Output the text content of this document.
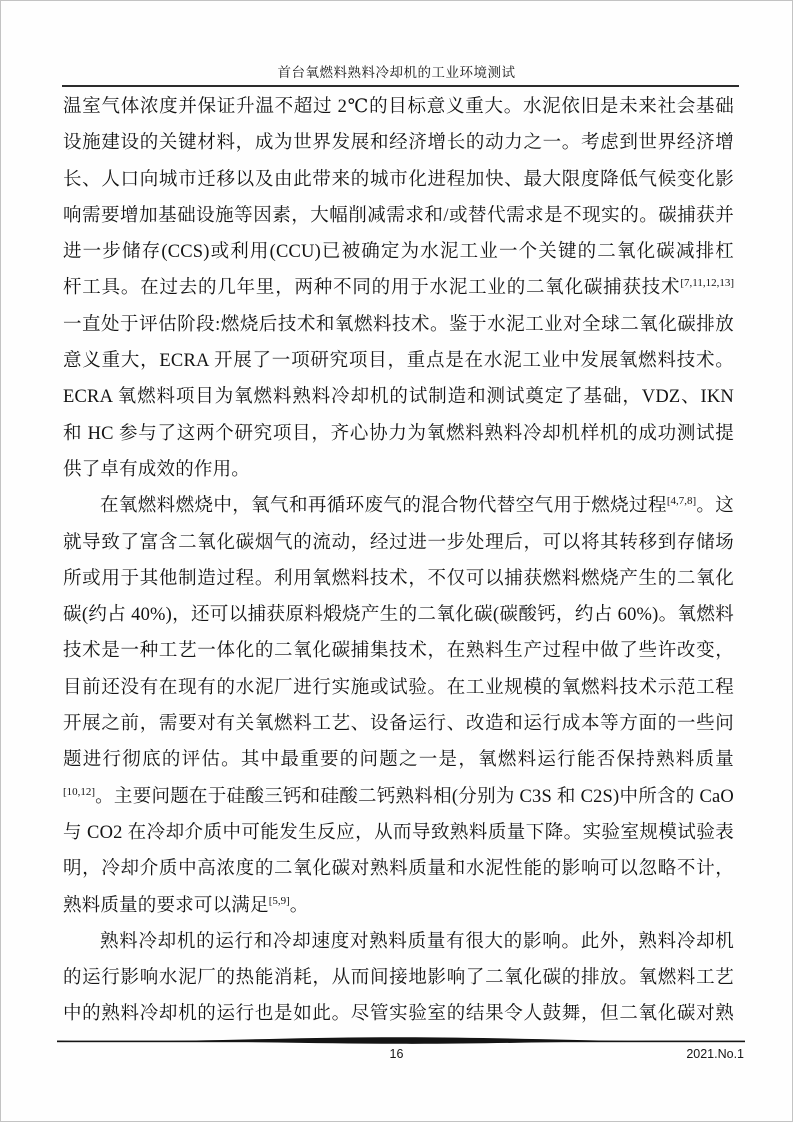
首台氧燃料熟料冷却机的工业环境测试
温室气体浓度并保证升温不超过 2℃的目标意义重大。水泥依旧是未来社会基础
设施建设的关键材料，成为世界发展和经济增长的动力之一。考虑到世界经济增
长、人口向城市迁移以及由此带来的城市化进程加快、最大限度降低气候变化影
响需要增加基础设施等因素，大幅削减需求和/或替代需求是不现实的。碳捕获并
进一步储存(CCS)或利用(CCU)已被确定为水泥工业一个关键的二氧化碳减排杠
杆工具。在过去的几年里，两种不同的用于水泥工业的二氧化碳捕获技术[7,11,12,13]
一直处于评估阶段:燃烧后技术和氧燃料技术。鉴于水泥工业对全球二氧化碳排放
意义重大，ECRA 开展了一项研究项目，重点是在水泥工业中发展氧燃料技术。
ECRA 氧燃料项目为氧燃料熟料冷却机的试制造和测试奠定了基础，VDZ、IKN
和 HC 参与了这两个研究项目，齐心协力为氧燃料熟料冷却机样机的成功测试提
供了卓有成效的作用。
在氧燃料燃烧中，氧气和再循环废气的混合物代替空气用于燃烧过程[4,7,8]。这
就导致了富含二氧化碳烟气的流动，经过进一步处理后，可以将其转移到存储场
所或用于其他制造过程。利用氧燃料技术，不仅可以捕获燃料燃烧产生的二氧化
碳(约占 40%)，还可以捕获原料煅烧产生的二氧化碳(碳酸钙，约占 60%)。氧燃料
技术是一种工艺一体化的二氧化碳捕集技术，在熟料生产过程中做了些许改变，
目前还没有在现有的水泥厂进行实施或试验。在工业规模的氧燃料技术示范工程
开展之前，需要对有关氧燃料工艺、设备运行、改造和运行成本等方面的一些问
题进行彻底的评估。其中最重要的问题之一是，氧燃料运行能否保持熟料质量
[10,12]。主要问题在于硅酸三钙和硅酸二钙熟料相(分别为 C3S 和 C2S)中所含的 CaO
与 CO2 在冷却介质中可能发生反应，从而导致熟料质量下降。实验室规模试验表
明，冷却介质中高浓度的二氧化碳对熟料质量和水泥性能的影响可以忽略不计，
熟料质量的要求可以满足[5,9]。
熟料冷却机的运行和冷却速度对熟料质量有很大的影响。此外，熟料冷却机
的运行影响水泥厂的热能消耗，从而间接地影响了二氧化碳的排放。氧燃料工艺
中的熟料冷却机的运行也是如此。尽管实验室的结果令人鼓舞，但二氧化碳对熟
16	2021.No.1
